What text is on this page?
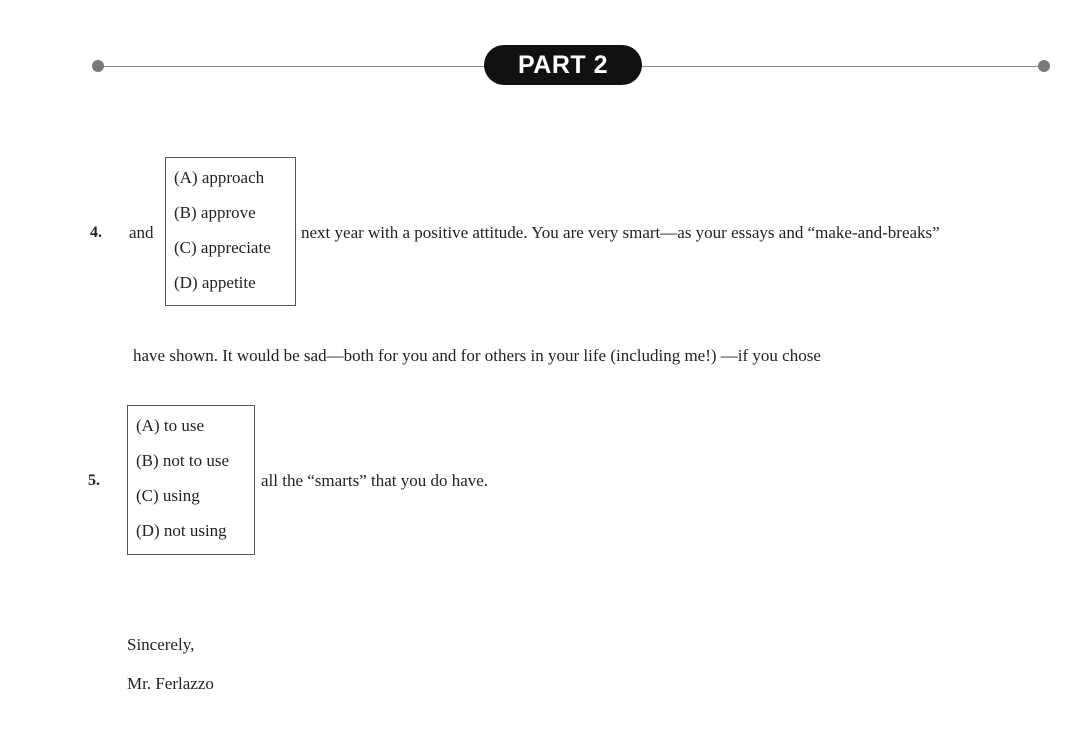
PART 2
4. and
(A) approach
(B) approve
(C) appreciate
(D) appetite
next year with a positive attitude. You are very smart—as your essays and “make-and-breaks”
have shown. It would be sad—both for you and for others in your life (including me!) —if you chose
5.
(A) to use
(B) not to use
(C) using
(D) not using
all the “smarts” that you do have.
Sincerely,
Mr. Ferlazzo
